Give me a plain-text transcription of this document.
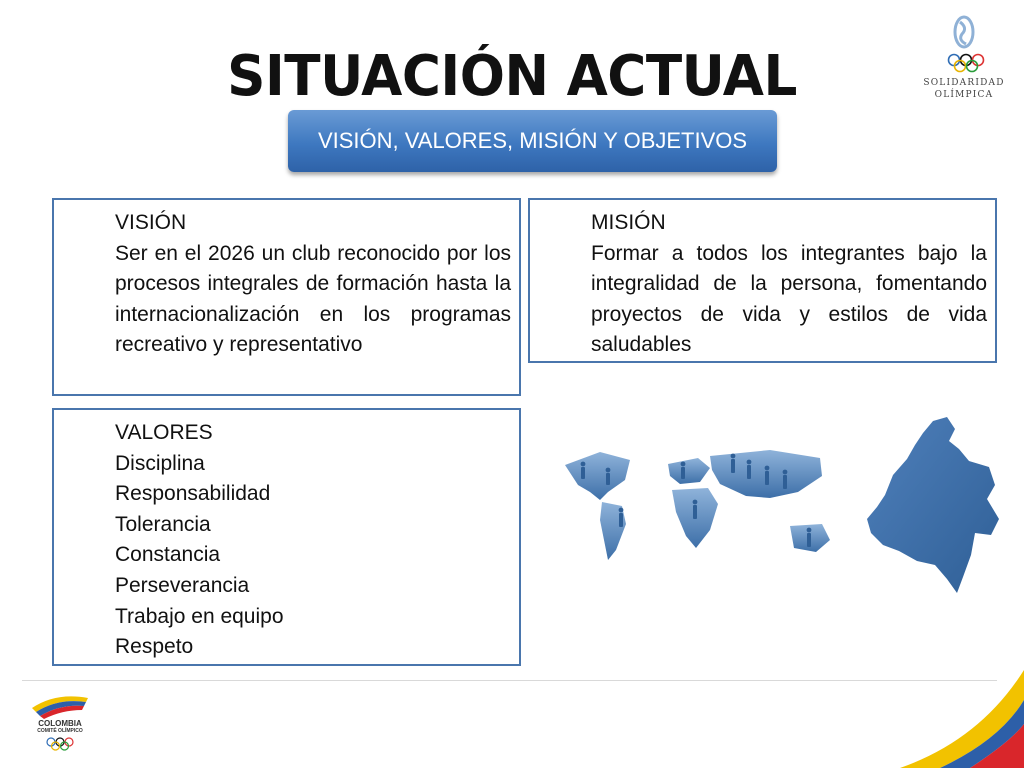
SITUACIÓN ACTUAL	SOLIDARIDAD
OLÍMPICA
VISIÓN, VALORES, MISIÓN Y OBJETIVOS
VISIÓN
Ser en el 2026 un club reconocido por los procesos integrales de formación hasta la internacionalización en los programas recreativo y representativo
MISIÓN
Formar a todos los integrantes bajo la integralidad de la persona, fomentando proyectos de vida y estilos de vida saludables
VALORES
Disciplina
Responsabilidad
Tolerancia
Constancia
Perseverancia
Trabajo en equipo
Respeto
COLOMBIA
COMITÉ OLÍMPICO
